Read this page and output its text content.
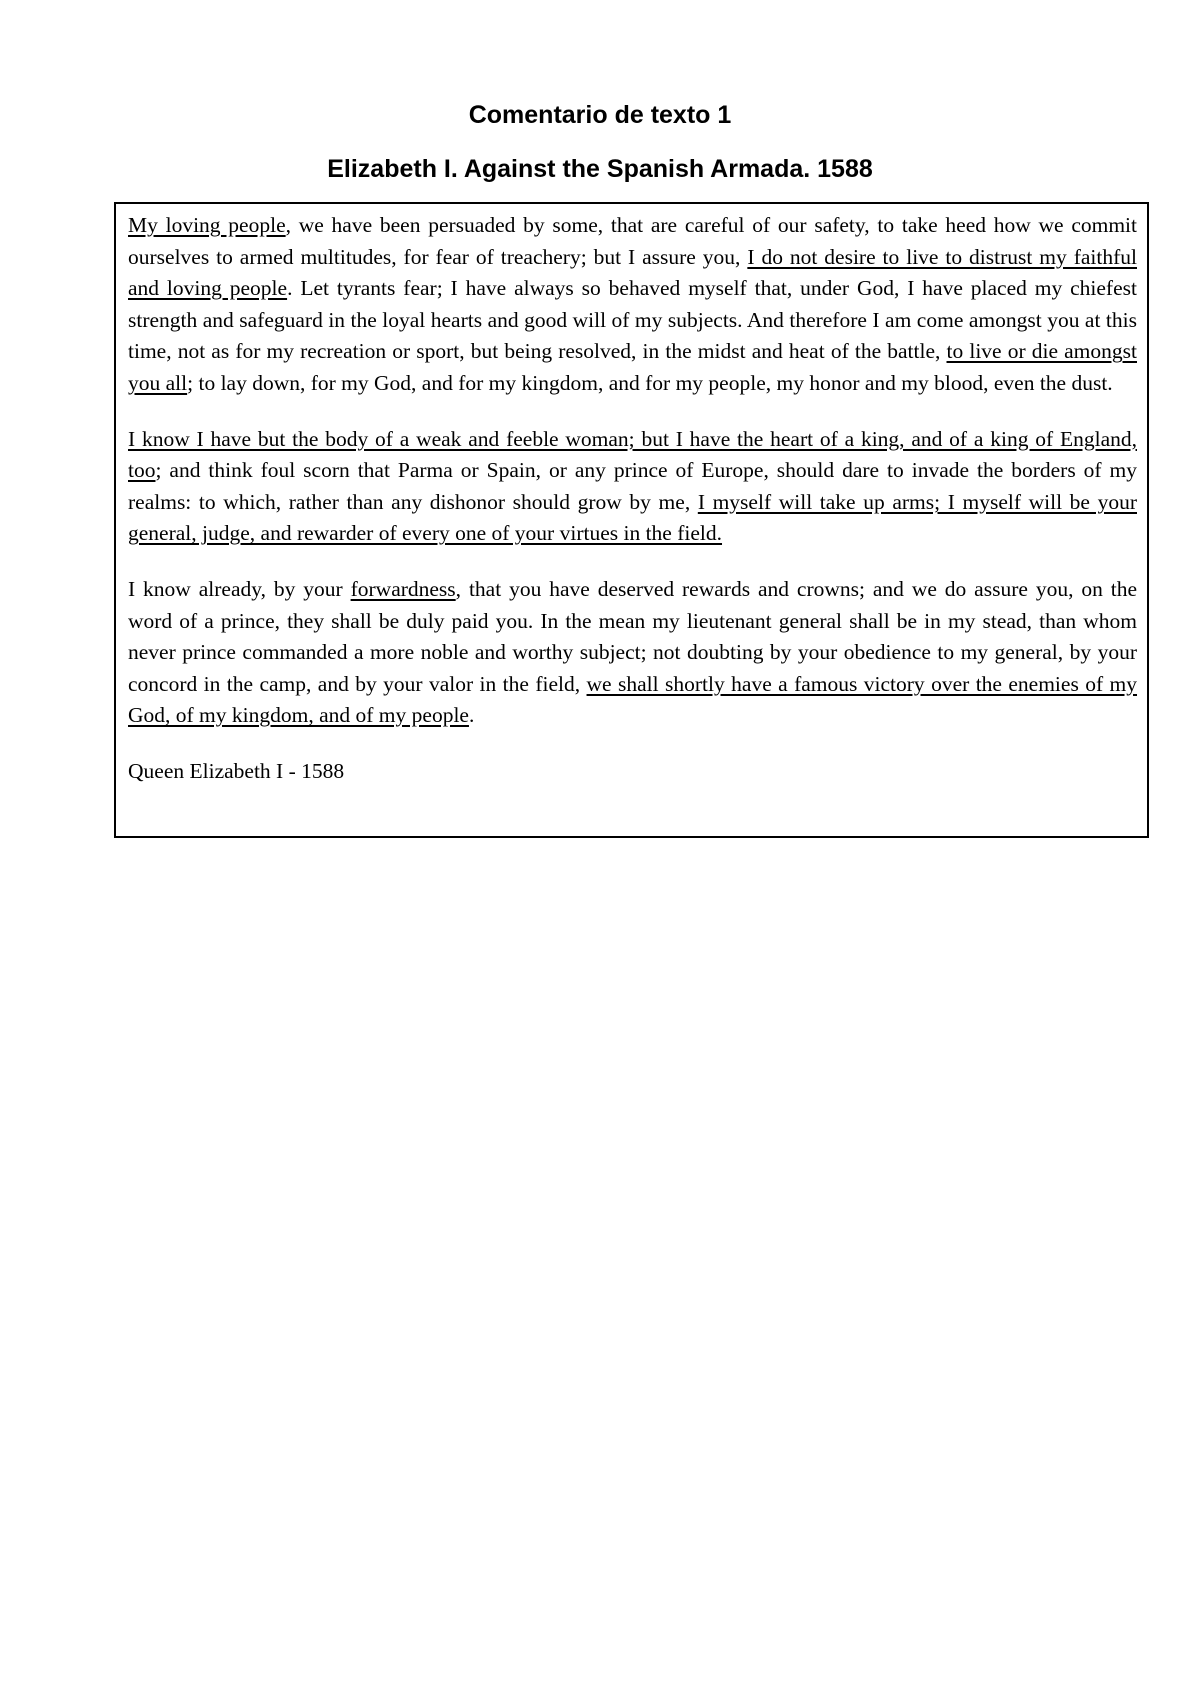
Comentario de texto 1
Elizabeth I. Against the Spanish Armada. 1588

My loving people, we have been persuaded by some, that are careful of our safety, to take heed how we commit ourselves to armed multitudes, for fear of treachery; but I assure you, I do not desire to live to distrust my faithful and loving people. Let tyrants fear; I have always so behaved myself that, under God, I have placed my chiefest strength and safeguard in the loyal hearts and good will of my subjects. And therefore I am come amongst you at this time, not as for my recreation or sport, but being resolved, in the midst and heat of the battle, to live or die amongst you all; to lay down, for my God, and for my kingdom, and for my people, my honor and my blood, even the dust.

I know I have but the body of a weak and feeble woman; but I have the heart of a king, and of a king of England, too; and think foul scorn that Parma or Spain, or any prince of Europe, should dare to invade the borders of my realms: to which, rather than any dishonor should grow by me, I myself will take up arms; I myself will be your general, judge, and rewarder of every one of your virtues in the field.

I know already, by your forwardness, that you have deserved rewards and crowns; and we do assure you, on the word of a prince, they shall be duly paid you. In the mean my lieutenant general shall be in my stead, than whom never prince commanded a more noble and worthy subject; not doubting by your obedience to my general, by your concord in the camp, and by your valor in the field, we shall shortly have a famous victory over the enemies of my God, of my kingdom, and of my people.

Queen Elizabeth I - 1588
